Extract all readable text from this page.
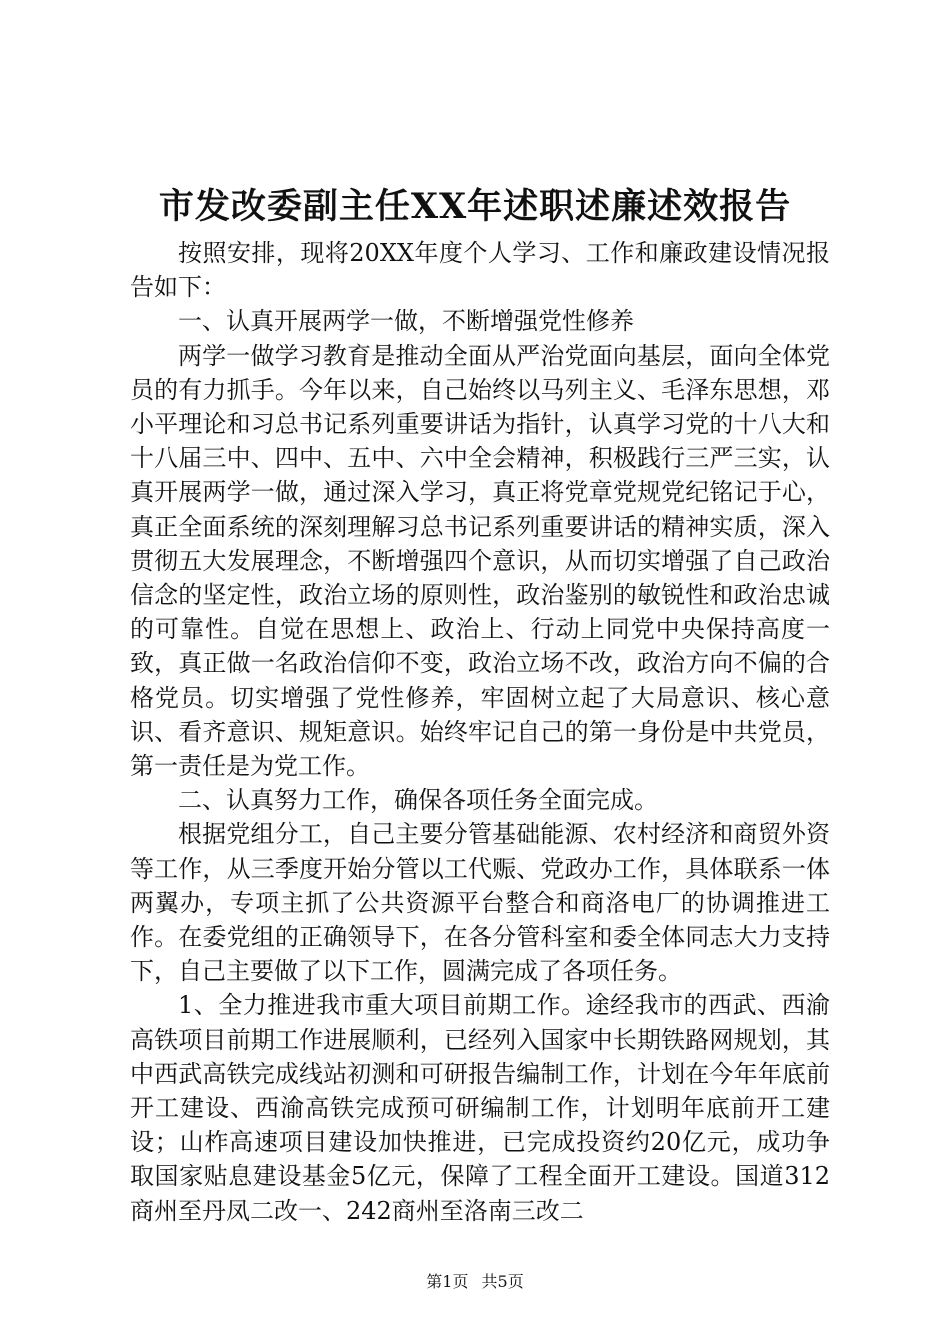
市发改委副主任XX年述职述廉述效报告

按照安排，现将20XX年度个人学习、工作和廉政建设情况报告如下：

一、认真开展两学一做，不断增强党性修养

两学一做学习教育是推动全面从严治党面向基层，面向全体党员的有力抓手。今年以来，自己始终以马列主义、毛泽东思想，邓小平理论和习总书记系列重要讲话为指针，认真学习党的十八大和十八届三中、四中、五中、六中全会精神，积极践行三严三实，认真开展两学一做，通过深入学习，真正将党章党规党纪铭记于心，真正全面系统的深刻理解习总书记系列重要讲话的精神实质，深入贯彻五大发展理念，不断增强四个意识，从而切实增强了自己政治信念的坚定性，政治立场的原则性，政治鉴别的敏锐性和政治忠诚的可靠性。自觉在思想上、政治上、行动上同党中央保持高度一致，真正做一名政治信仰不变，政治立场不改，政治方向不偏的合格党员。切实增强了党性修养，牢固树立起了大局意识、核心意识、看齐意识、规矩意识。始终牢记自己的第一身份是中共党员，第一责任是为党工作。

二、认真努力工作，确保各项任务全面完成。

根据党组分工，自己主要分管基础能源、农村经济和商贸外资等工作，从三季度开始分管以工代赈、党政办工作，具体联系一体两翼办，专项主抓了公共资源平台整合和商洛电厂的协调推进工作。在委党组的正确领导下，在各分管科室和委全体同志大力支持下，自己主要做了以下工作，圆满完成了各项任务。

1、全力推进我市重大项目前期工作。途经我市的西武、西渝高铁项目前期工作进展顺利，已经列入国家中长期铁路网规划，其中西武高铁完成线站初测和可研报告编制工作，计划在今年年底前开工建设、西渝高铁完成预可研编制工作，计划明年底前开工建设；山柞高速项目建设加快推进，已完成投资约20亿元，成功争取国家贴息建设基金5亿元，保障了工程全面开工建设。国道312商州至丹凤二改一、242商州至洛南三改二

第1页 共5页
